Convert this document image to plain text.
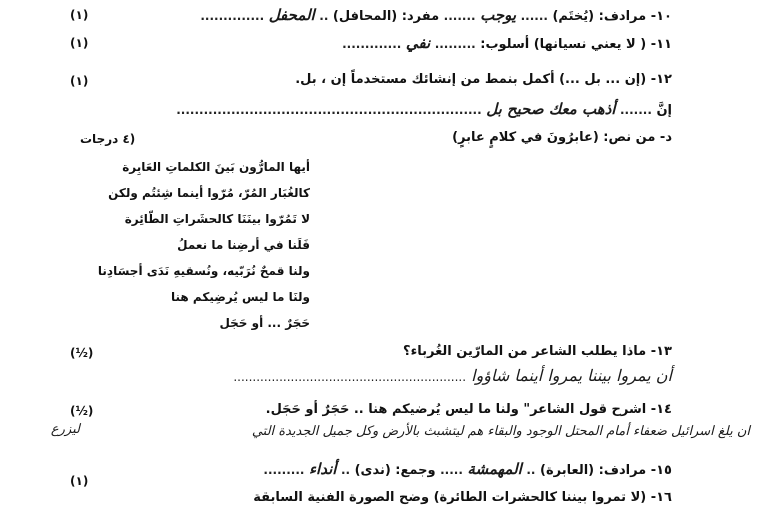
١٠- مرادف: (يُختَم) ...... يوجب ....... مفرد: (المحافل) .. المحفل ..............
(١)
١١- ( لا يعني نسيانها) أسلوب: ......... نفي .............
(١)
١٢- (إن ... بل ...) أكمل بنمط من إنشائك مستخدماً إن ، بل.
(١)
إنَّ ....... أذهب معك صحيح بل ...................................................................
د- من نص: (عابرُونَ في كلامٍ عابرٍ)
(٤ درجات
أيها المارُّون بَينَ الكلماتِ العَابِرة
كالغُبَار المُرّ، مُرّوا أينما شِئتُم ولكن
لا تَمُرّوا بينَنَا كالحشَراتِ الطّائِرة
فَلَنا في أرضِنا ما نعملُ
ولنا قمحٌ نُرَبّيه، ونُسقيهِ نَدَى أجسَادِنا
ولنَا ما ليس يُرضِيكم هنا
حَجَرٌ ... أو حَجَل
١٣- ماذا يطلب الشاعر من المارّين الغُرباء؟
(½)
أن يمروا بيننا يمروا أينما شاؤوا .............................................................
١٤- اشرح قول الشاعر" ولنا ما ليس يُرضيكم هنا .. حَجَرٌ أو حَجَل.
(½)
ان يلغ اسرائيل ضعفاء أمام المحتل الوجود والبقاء هم ليتشبث بالأرض وكل جميل الجديدة التي
ليزرع
١٥- مرادف: (العابرة) .. المهمشة ..... وجمع: (ندى) .. أنداء .........
(١)
١٦- (لا تمروا بيننا كالحشرات الطائرة) وضح الصورة الفنية السابقة
